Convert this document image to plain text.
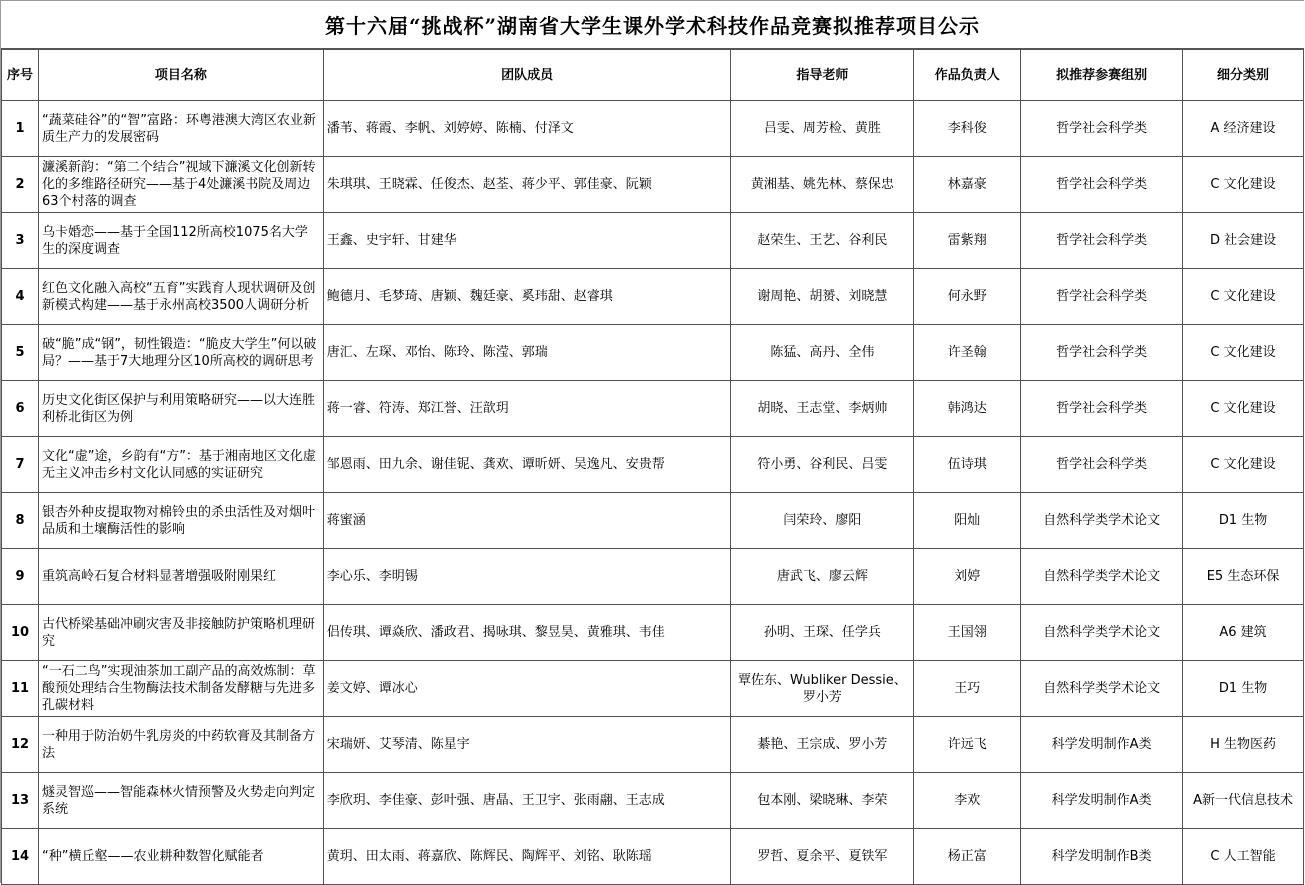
第十六届“挑战杯”湖南省大学生课外学术科技作品竞赛拟推荐项目公示
序号	项目名称	团队成员	指导老师	作品负责人	拟推荐参赛组别	细分类别

1	“蔬菜硅谷”的“智”富路：环粤港澳大湾区农业新质生产力的发展密码	潘苇、蒋霞、李帆、刘婷婷、陈楠、付泽文	吕雯、周芳检、黄胜	李科俊	哲学社会科学类	A 经济建设

2	濂溪新韵：“第二个结合”视域下濂溪文化创新转化的多维路径研究——基于4处濂溪书院及周边63个村落的调查	朱琪琪、王晓霖、任俊杰、赵荃、蒋少平、郭佳豪、阮颖	黄湘基、姚先林、蔡保忠	林嘉豪	哲学社会科学类	C 文化建设

3	乌卡婚恋——基于全国112所高校1075名大学生的深度调查	王鑫、史宇轩、甘建华	赵荣生、王艺、谷利民	雷紫翔	哲学社会科学类	D 社会建设

4	红色文化融入高校“五育”实践育人现状调研及创新模式构建——基于永州高校3500人调研分析	鲍德月、毛梦琦、唐颖、魏廷豪、奚玮甜、赵睿琪	谢周艳、胡赟、刘晓慧	何永野	哲学社会科学类	C 文化建设

5	破“脆”成“钢”，韧性锻造：“脆皮大学生”何以破局？——基于7大地理分区10所高校的调研思考	唐汇、左琛、邓怡、陈玲、陈滢、郭瑞	陈猛、高丹、全伟	许圣翰	哲学社会科学类	C 文化建设

6	历史文化街区保护与利用策略研究——以大连胜利桥北街区为例	蒋一睿、符涛、郑江誉、汪歆玥	胡晓、王志堂、李炳帅	韩鸿达	哲学社会科学类	C 文化建设

7	文化“虚”途，乡韵有“方”：基于湘南地区文化虚无主义冲击乡村文化认同感的实证研究	邹恩雨、田九余、谢佳铌、龚欢、谭昕妍、吴逸凡、安贵帮	符小勇、谷利民、吕雯	伍诗琪	哲学社会科学类	C 文化建设

8	银杏外种皮提取物对棉铃虫的杀虫活性及对烟叶品质和土壤酶活性的影响	蒋蜜涵	闫荣玲、廖阳	阳灿	自然科学类学术论文	D1 生物

9	重筑高岭石复合材料显著增强吸附刚果红	李心乐、李明锡	唐武飞、廖云辉	刘婷	自然科学类学术论文	E5 生态环保

10	古代桥梁基础冲刷灾害及非接触防护策略机理研究	侣传琪、谭焱欣、潘政君、揭咏琪、黎昱昊、黄雅琪、韦佳	孙明、王琛、任学兵	王国翎	自然科学类学术论文	A6 建筑

11	“一石二鸟”实现油茶加工副产品的高效炼制：草酸预处理结合生物酶法技术制备发酵糖与先进多孔碳材料	姜文婷、谭冰心	覃佐东、Wubliker Dessie、罗小芳	王巧	自然科学类学术论文	D1 生物

12	一种用于防治奶牛乳房炎的中药软膏及其制备方法	宋瑞妍、艾琴清、陈星宇	綦艳、王宗成、罗小芳	许远飞	科学发明制作A类	H 生物医药

13	燧灵智巡——智能森林火情预警及火势走向判定系统	李欣玥、李佳豪、彭叶强、唐晶、王卫宇、张雨翮、王志成	包本刚、梁晓琳、李荣	李欢	科学发明制作A类	A新一代信息技术

14	“种”横丘壑——农业耕种数智化赋能者	黄玥、田太雨、蒋嘉欣、陈辉民、陶辉平、刘铭、耿陈瑶	罗哲、夏余平、夏铁军	杨正富	科学发明制作B类	C 人工智能
